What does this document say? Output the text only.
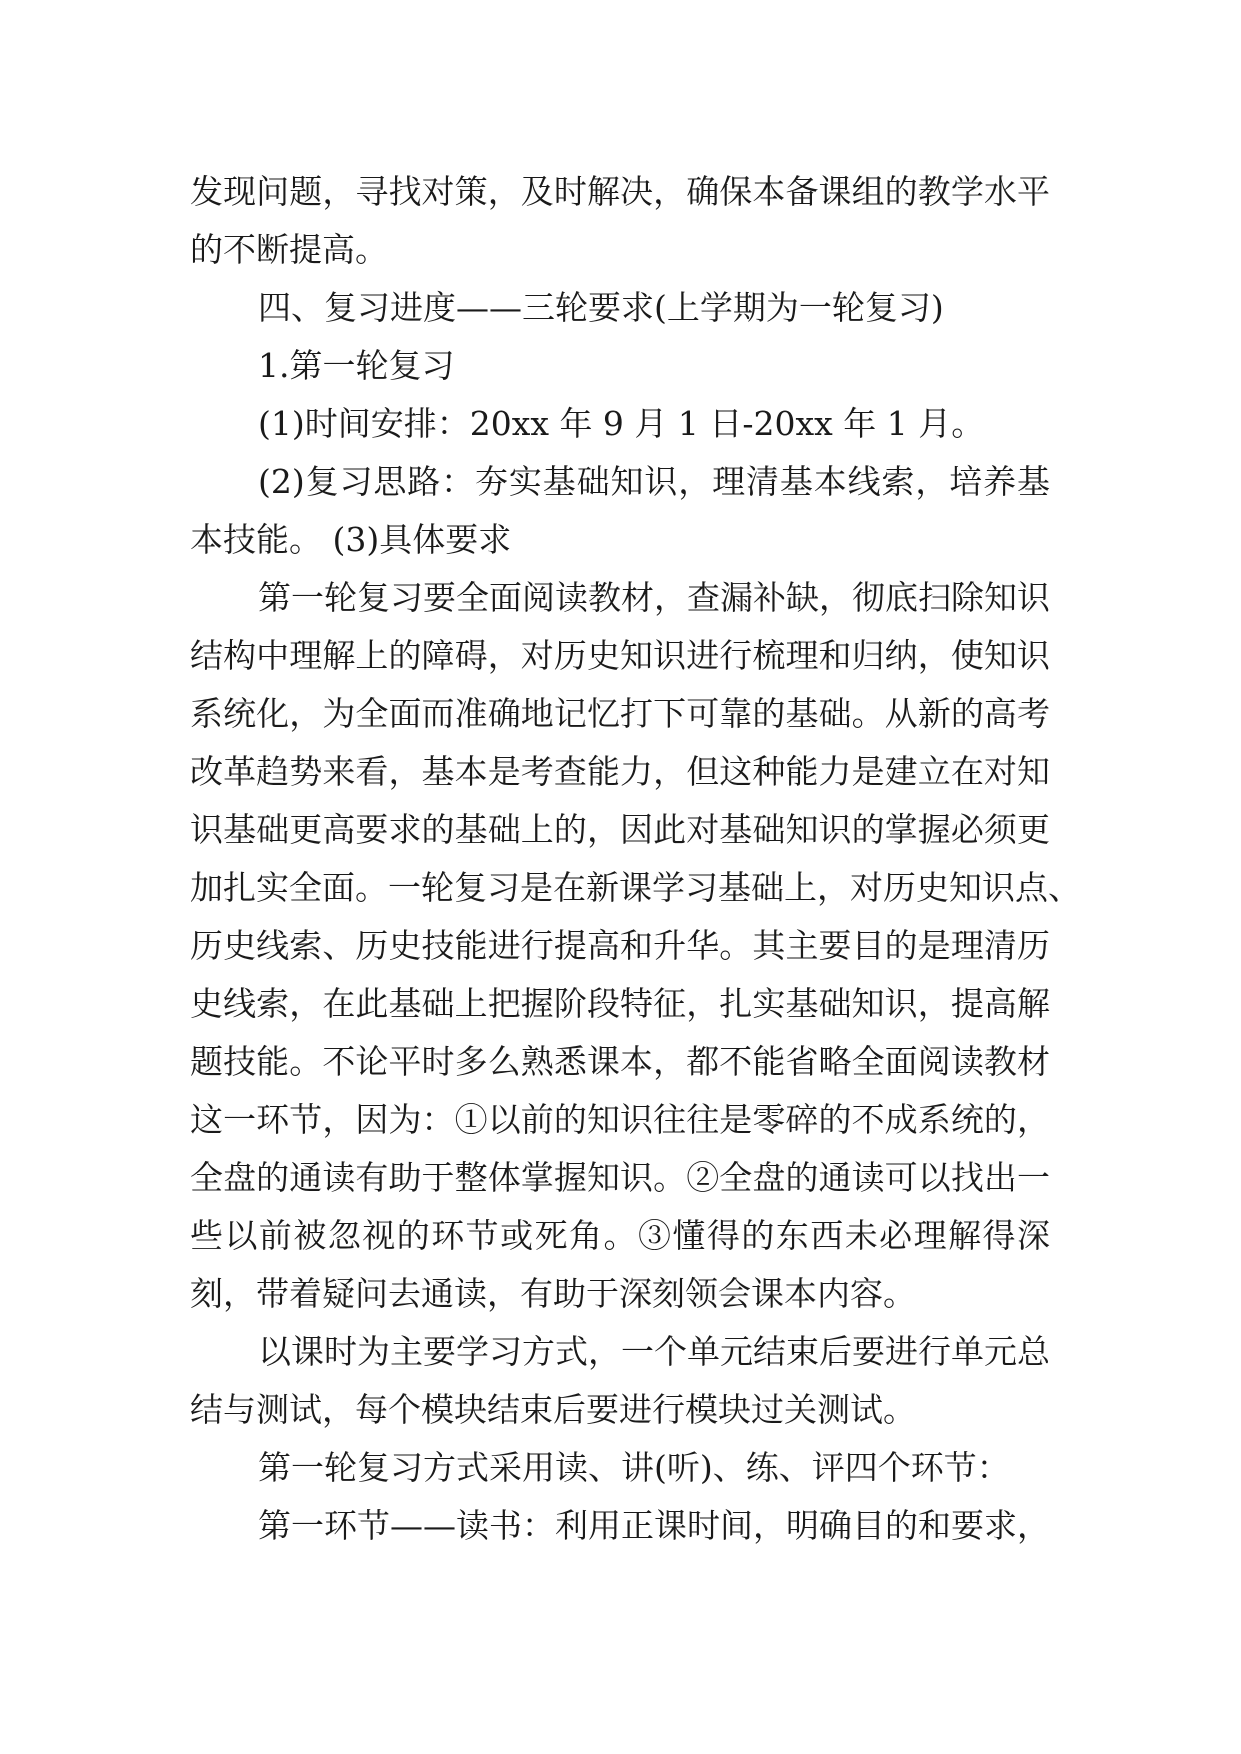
发现问题，寻找对策，及时解决，确保本备课组的教学水平
的不断提高。
四、复习进度——三轮要求(上学期为一轮复习)
1.第一轮复习
(1)时间安排：20xx 年 9 月 1 日-20xx 年 1 月。
(2)复习思路：夯实基础知识，理清基本线索，培养基
本技能。 (3)具体要求
第一轮复习要全面阅读教材，查漏补缺，彻底扫除知识
结构中理解上的障碍，对历史知识进行梳理和归纳，使知识
系统化，为全面而准确地记忆打下可靠的基础。从新的高考
改革趋势来看，基本是考查能力，但这种能力是建立在对知
识基础更高要求的基础上的，因此对基础知识的掌握必须更
加扎实全面。一轮复习是在新课学习基础上，对历史知识点、
历史线索、历史技能进行提高和升华。其主要目的是理清历
史线索，在此基础上把握阶段特征，扎实基础知识，提高解
题技能。不论平时多么熟悉课本，都不能省略全面阅读教材
这一环节，因为：①以前的知识往往是零碎的不成系统的，
全盘的通读有助于整体掌握知识。②全盘的通读可以找出一
些以前被忽视的环节或死角。③懂得的东西未必理解得深
刻，带着疑问去通读，有助于深刻领会课本内容。
以课时为主要学习方式，一个单元结束后要进行单元总
结与测试，每个模块结束后要进行模块过关测试。
第一轮复习方式采用读、讲(听)、练、评四个环节：
第一环节——读书：利用正课时间，明确目的和要求，
